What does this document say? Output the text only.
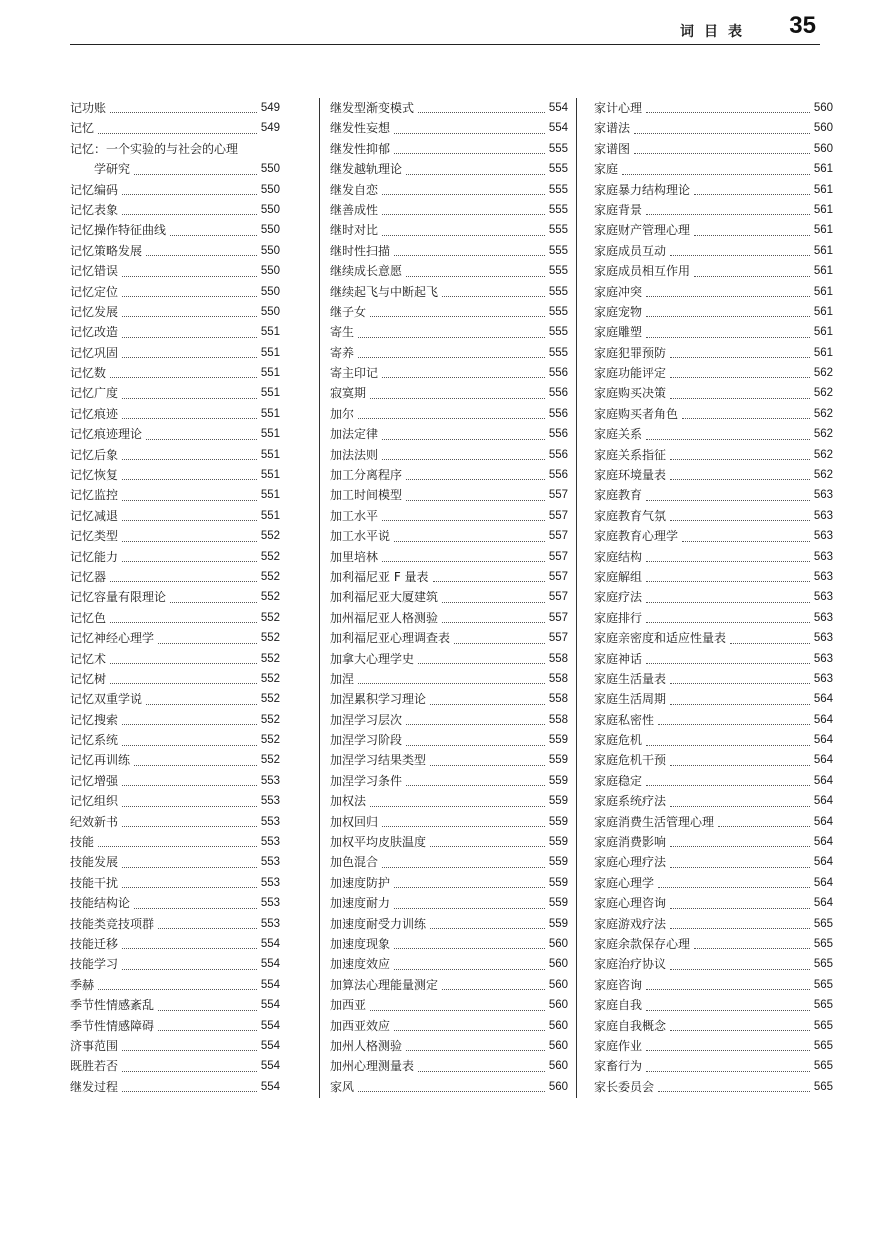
词目表 35
记功账	549
记忆	549
记忆：一个实验的与社会的心理
学研究	550
记忆编码	550
记忆表象	550
记忆操作特征曲线	550
记忆策略发展	550
记忆错误	550
记忆定位	550
记忆发展	550
记忆改造	551
记忆巩固	551
记忆数	551
记忆广度	551
记忆痕迹	551
记忆痕迹理论	551
记忆后象	551
记忆恢复	551
记忆监控	551
记忆减退	551
记忆类型	552
记忆能力	552
记忆器	552
记忆容量有限理论	552
记忆色	552
记忆神经心理学	552
记忆术	552
记忆树	552
记忆双重学说	552
记忆搜索	552
记忆系统	552
记忆再训练	552
记忆增强	553
记忆组织	553
纪效新书	553
技能	553
技能发展	553
技能干扰	553
技能结构论	553
技能类竞技项群	553
技能迁移	554
技能学习	554
季赫	554
季节性情感紊乱	554
季节性情感障碍	554
济事范围	554
既胜若否	554
继发过程	554
继发型渐变模式	554
继发性妄想	554
继发性抑郁	555
继发越轨理论	555
继发自恋	555
继善成性	555
继时对比	555
继时性扫描	555
继续成长意愿	555
继续起飞与中断起飞	555
继子女	555
寄生	555
寄养	555
寄主印记	556
寂寞期	556
加尔	556
加法定律	556
加法法则	556
加工分离程序	556
加工时间模型	557
加工水平	557
加工水平说	557
加里培林	557
加利福尼亚 F 量表	557
加利福尼亚大厦建筑	557
加州福尼亚人格测验	557
加利福尼亚心理调查表	557
加拿大心理学史	558
加涅	558
加涅累积学习理论	558
加涅学习层次	558
加涅学习阶段	559
加涅学习结果类型	559
加涅学习条件	559
加权法	559
加权回归	559
加权平均皮肤温度	559
加色混合	559
加速度防护	559
加速度耐力	559
加速度耐受力训练	559
加速度现象	560
加速度效应	560
加算法心理能量测定	560
加西亚	560
加西亚效应	560
加州人格测验	560
加州心理测量表	560
家风	560
家计心理	560
家谱法	560
家谱图	560
家庭	561
家庭暴力结构理论	561
家庭背景	561
家庭财产管理心理	561
家庭成员互动	561
家庭成员相互作用	561
家庭冲突	561
家庭宠物	561
家庭雕塑	561
家庭犯罪预防	561
家庭功能评定	562
家庭购买决策	562
家庭购买者角色	562
家庭关系	562
家庭关系指征	562
家庭环境量表	562
家庭教育	563
家庭教育气氛	563
家庭教育心理学	563
家庭结构	563
家庭解组	563
家庭疗法	563
家庭排行	563
家庭亲密度和适应性量表	563
家庭神话	563
家庭生活量表	563
家庭生活周期	564
家庭私密性	564
家庭危机	564
家庭危机干预	564
家庭稳定	564
家庭系统疗法	564
家庭消费生活管理心理	564
家庭消费影响	564
家庭心理疗法	564
家庭心理学	564
家庭心理咨询	564
家庭游戏疗法	565
家庭余款保存心理	565
家庭治疗协议	565
家庭咨询	565
家庭自我	565
家庭自我概念	565
家庭作业	565
家畜行为	565
家长委员会	565
